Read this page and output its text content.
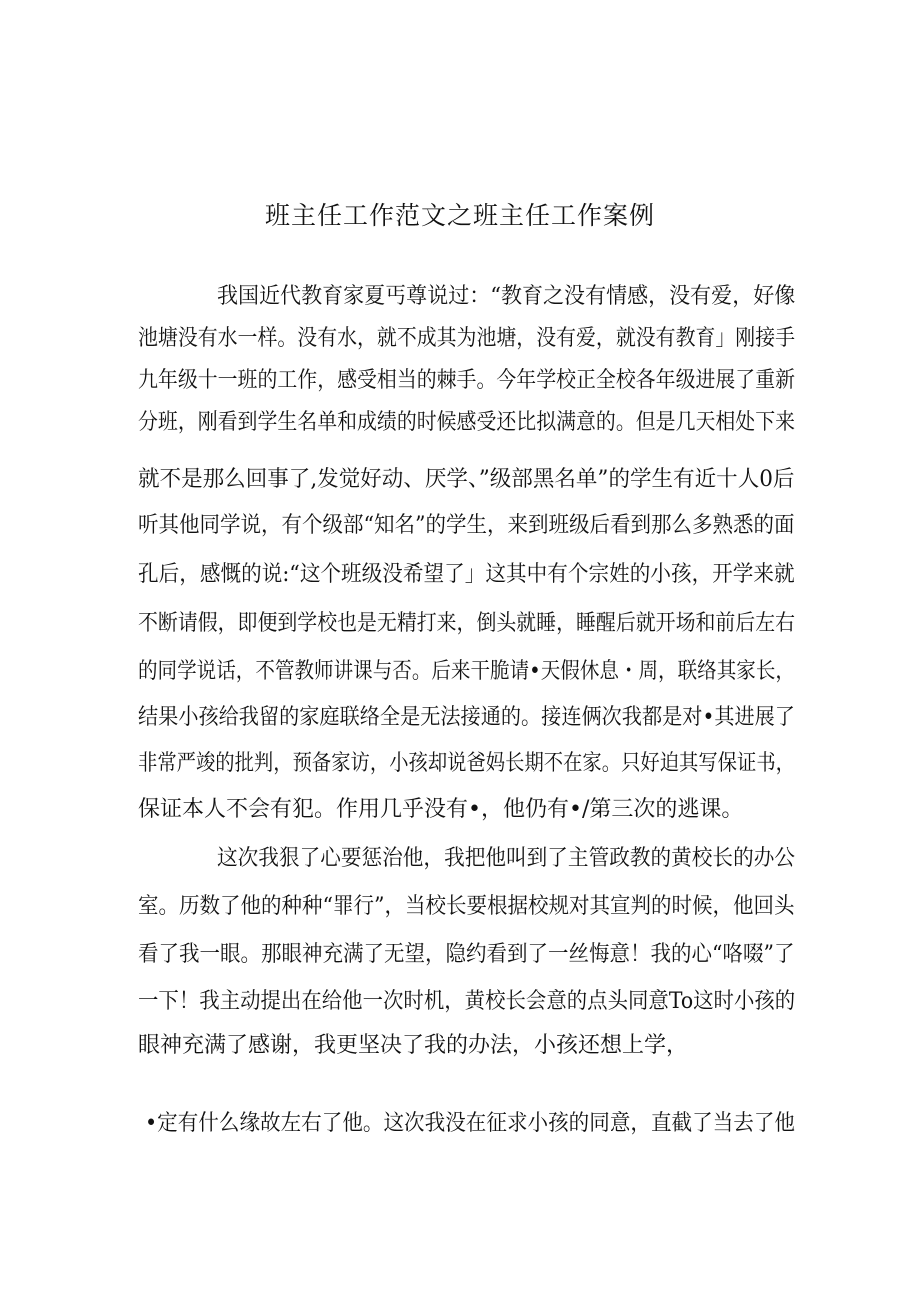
班主任工作范文之班主任工作案例
我国近代教育家夏丐尊说过：“教育之没有情感，没有爱，好像
池塘没有水一样。没有水，就不成其为池塘，没有爱，就没有教育」刚接手
九年级十一班的工作，感受相当的棘手。今年学校正全校各年级进展了重新
分班，刚看到学生名单和成绩的时候感受还比拟满意的。但是几天相处下来
就不是那么回事了,发觉好动、厌学、”级部黑名单”的学生有近十人0后
听其他同学说，有个级部“知名”的学生，来到班级后看到那么多熟悉的面
孔后，感慨的说:“这个班级没希望了」这其中有个宗姓的小孩，开学来就
不断请假，即便到学校也是无精打来，倒头就睡，睡醒后就开场和前后左右
的同学说话，不管教师讲课与否。后来干脆请•天假休息・周，联络其家长，
结果小孩给我留的家庭联络全是无法接通的。接连俩次我都是对•其进展了
非常严竣的批判，预备家访，小孩却说爸妈长期不在家。只好迫其写保证书，
保证本人不会有犯。作用几乎没有•，他仍有•/第三次的逃课。
这次我狠了心要惩治他，我把他叫到了主管政教的黄校长的办公
室。历数了他的种种“罪行”，当校长要根据校规对其宣判的时候，他回头
看了我一眼。那眼神充满了无望，隐约看到了一丝悔意！我的心“咯啜”了
一下！我主动提出在给他一次时机，黄校长会意的点头同意To这时小孩的
眼神充满了感谢，我更坚决了我的办法，小孩还想上学，
•定有什么缘故左右了他。这次我没在征求小孩的同意，直截了当去了他
